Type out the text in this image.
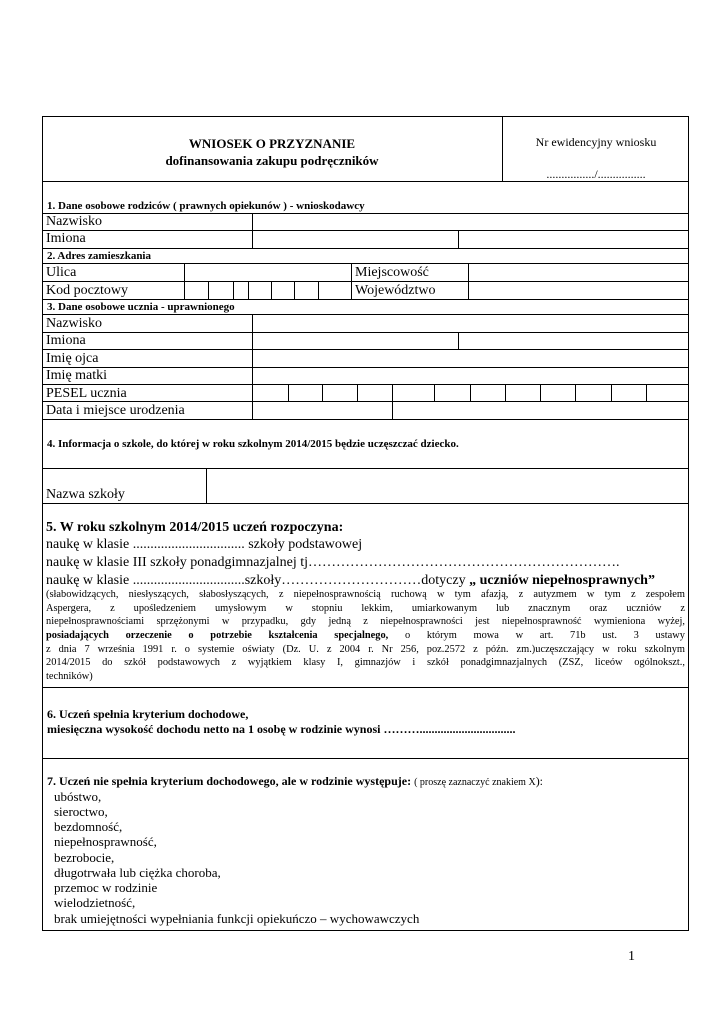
WNIOSEK O PRZYZNANIE
dofinansowania zakupu podręczników
Nr ewidencyjny wniosku
................/................
1. Dane osobowe rodziców ( prawnych opiekunów ) - wnioskodawcy
Nazwisko
Imiona
2. Adres zamieszkania
Ulica	Miejscowość
Kod pocztowy	Województwo
3. Dane osobowe ucznia - uprawnionego
Nazwisko
Imiona
Imię ojca
Imię matki
PESEL ucznia
Data i miejsce urodzenia
4. Informacja o szkole, do której w roku szkolnym 2014/2015 będzie uczęszczać dziecko.
Nazwa szkoły
5. W roku szkolnym 2014/2015 uczeń rozpoczyna:
naukę w klasie ................................ szkoły podstawowej
naukę w klasie III szkoły ponadgimnazjalnej tj………………………………………………………….
naukę w klasie ................................szkoły…………………………dotyczy „ uczniów niepełnosprawnych”
(słabowidzących, niesłyszących, słabosłyszących, z niepełnosprawnością ruchową w tym afazją, z autyzmem w tym z zespołem
Aspergera, z upośledzeniem umysłowym w stopniu lekkim, umiarkowanym lub znacznym oraz uczniów z
niepełnosprawnościami sprzężonymi w przypadku, gdy jedną z niepełnosprawności jest niepełnosprawność wymieniona wyżej,
posiadających orzeczenie o potrzebie kształcenia specjalnego, o którym mowa w art. 71b ust. 3 ustawy
z dnia 7 września 1991 r. o systemie oświaty (Dz. U. z 2004 r. Nr 256, poz.2572 z późn. zm.)uczęszczający w roku szkolnym
2014/2015 do szkół podstawowych z wyjątkiem klasy I, gimnazjów i szkół ponadgimnazjalnych (ZSZ, liceów ogólnokszt.,
techników)
6. Uczeń spełnia kryterium dochodowe,
miesięczna wysokość dochodu netto na 1 osobę w rodzinie wynosi ………................................
7. Uczeń nie spełnia kryterium dochodowego, ale w rodzinie występuje: ( proszę zaznaczyć znakiem X):
ubóstwo,
sieroctwo,
bezdomność,
niepełnosprawność,
bezrobocie,
długotrwała lub ciężka choroba,
przemoc w rodzinie
wielodzietność,
brak umiejętności wypełniania funkcji opiekuńczo – wychowawczych
1
